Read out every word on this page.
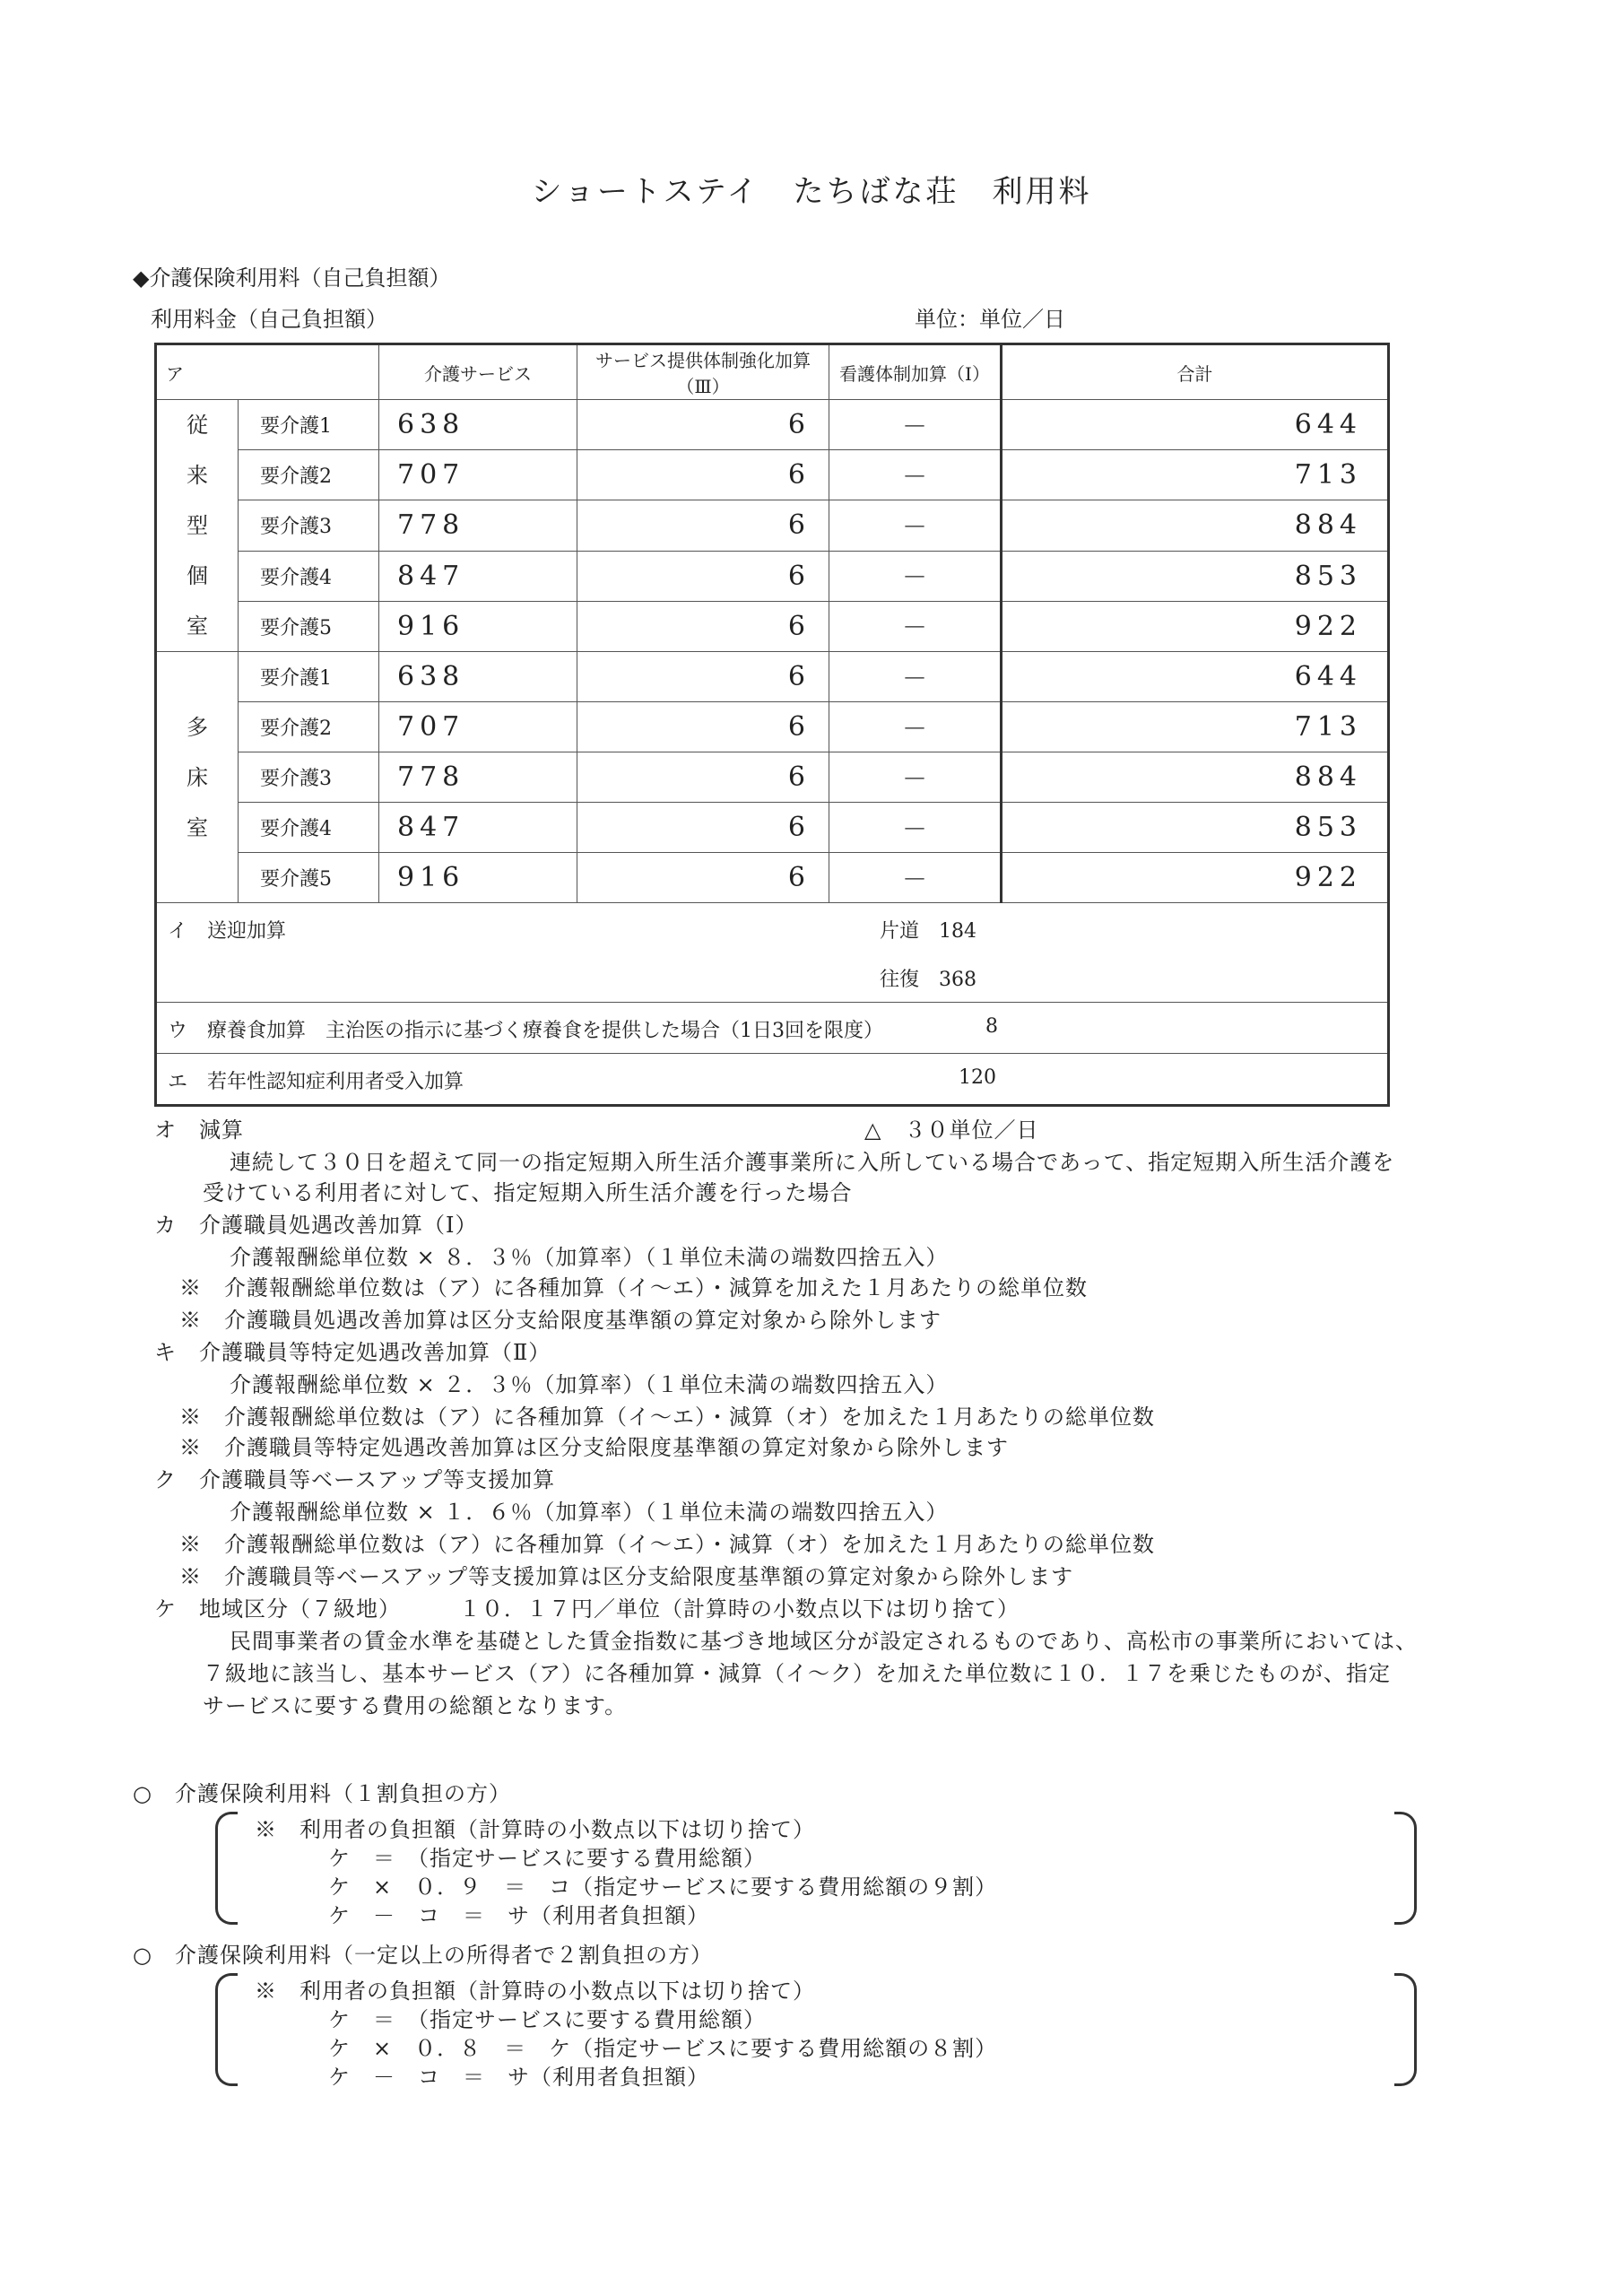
ショートステイ　たちばな荘　利用料
◆介護保険利用料（自己負担額）
利用料金（自己負担額）	単位：単位／日
ア		介護サービス	サービス提供体制強化加算（Ⅲ）	看護体制加算（Ⅰ）	合計

従
来
型
個
室	要介護1	638	6	－	644
	要介護2	707	6	－	713
	要介護3	778	6	－	884
	要介護4	847	6	－	853
	要介護5	916	6	－	922

多
床
室	要介護1	638	6	－	644
	要介護2	707	6	－	713
	要介護3	778	6	－	884
	要介護4	847	6	－	853
	要介護5	916	6	－	922

イ　送迎加算 片道　184
往復　368					

ウ　療養食加算　主治医の指示に基づく療養食を提供した場合（1日3回を限度） 8					

エ　若年性認知症利用者受入加算 120					
オ　減算	△　３０単位／日
連続して３０日を超えて同一の指定短期入所生活介護事業所に入所している場合であって、指定短期入所生活介護を
受けている利用者に対して、指定短期入所生活介護を行った場合
カ　介護職員処遇改善加算（Ⅰ）
介護報酬総単位数 × ８．３％（加算率）（１単位未満の端数四捨五入）
※　介護報酬総単位数は（ア）に各種加算（イ～エ）・減算を加えた１月あたりの総単位数
※　介護職員処遇改善加算は区分支給限度基準額の算定対象から除外します
キ　介護職員等特定処遇改善加算（Ⅱ）
介護報酬総単位数 × ２．３％（加算率）（１単位未満の端数四捨五入）
※　介護報酬総単位数は（ア）に各種加算（イ～エ）・減算（オ）を加えた１月あたりの総単位数
※　介護職員等特定処遇改善加算は区分支給限度基準額の算定対象から除外します
ク　介護職員等ベースアップ等支援加算
介護報酬総単位数 × １．６％（加算率）（１単位未満の端数四捨五入）
※　介護報酬総単位数は（ア）に各種加算（イ～エ）・減算（オ）を加えた１月あたりの総単位数
※　介護職員等ベースアップ等支援加算は区分支給限度基準額の算定対象から除外します
ケ　地域区分（７級地）	１０．１７円／単位（計算時の小数点以下は切り捨て）
民間事業者の賃金水準を基礎とした賃金指数に基づき地域区分が設定されるものであり、高松市の事業所においては、
７級地に該当し、基本サービス（ア）に各種加算・減算（イ～ク）を加えた単位数に１０．１７を乗じたものが、指定
サービスに要する費用の総額となります。
○　介護保険利用料（１割負担の方）
※　利用者の負担額（計算時の小数点以下は切り捨て）
ケ　＝　（指定サービスに要する費用総額）
ケ　×　０．９　＝　コ（指定サービスに要する費用総額の９割）
ケ　－　コ　＝　サ（利用者負担額）
○　介護保険利用料（一定以上の所得者で２割負担の方）
※　利用者の負担額（計算時の小数点以下は切り捨て）
ケ　＝　（指定サービスに要する費用総額）
ケ　×　０．８　＝　ケ（指定サービスに要する費用総額の８割）
ケ　－　コ　＝　サ（利用者負担額）
